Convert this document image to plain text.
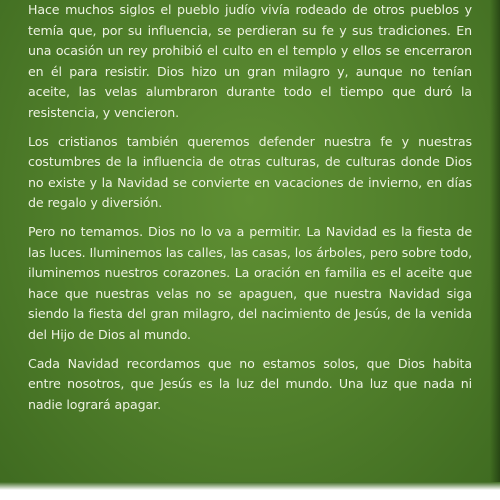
Hace muchos siglos el pueblo judío vivía rodeado de otros pueblos y temía que, por su influencia, se perdieran su fe y sus tradiciones. En una ocasión un rey prohibió el culto en el templo y ellos se encerraron en él para resistir. Dios hizo un gran milagro y, aunque no tenían aceite, las velas alumbraron durante todo el tiempo que duró la resistencia, y vencieron.

Los cristianos también queremos defender nuestra fe y nuestras costumbres de la influencia de otras culturas, de culturas donde Dios no existe y la Navidad se convierte en vacaciones de invierno, en días de regalo y diversión.

Pero no temamos. Dios no lo va a permitir. La Navidad es la fiesta de las luces. Iluminemos las calles, las casas, los árboles, pero sobre todo, iluminemos nuestros corazones. La oración en familia es el aceite que hace que nuestras velas no se apaguen, que nuestra Navidad siga siendo la fiesta del gran milagro, del nacimiento de Jesús, de la venida del Hijo de Dios al mundo.

Cada Navidad recordamos que no estamos solos, que Dios habita entre nosotros, que Jesús es la luz del mundo. Una luz que nada ni nadie logrará apagar.
